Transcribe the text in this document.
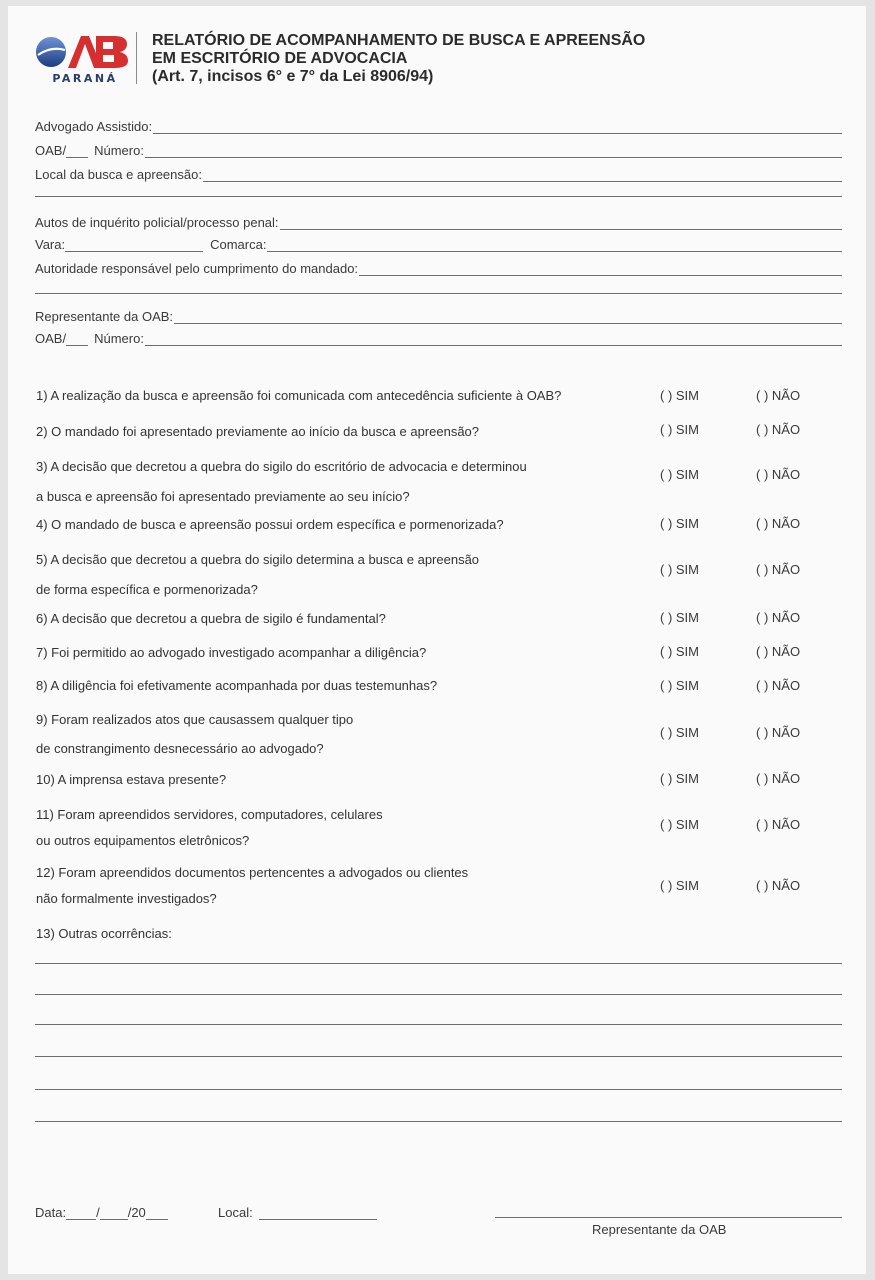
PARANÁ
RELATÓRIO DE ACOMPANHAMENTO DE BUSCA E APREENSÃO
EM ESCRITÓRIO DE ADVOCACIA
(Art. 7, incisos 6° e 7° da Lei 8906/94)
Advogado Assistido:
OAB/ Número:
Local da busca e apreensão:
Autos de inquérito policial/processo penal:
Vara:	Comarca:
Autoridade responsável pelo cumprimento do mandado:
Representante da OAB:
OAB/ Número:
1) A realização da busca e apreensão foi comunicada com antecedência suficiente à OAB?	( ) SIM	( ) NÃO
2) O mandado foi apresentado previamente ao início da busca e apreensão?	( ) SIM	( ) NÃO
3) A decisão que decretou a quebra do sigilo do escritório de advocacia e determinou
a busca e apreensão foi apresentado previamente ao seu início?
( ) SIM	( ) NÃO
4) O mandado de busca e apreensão possui ordem específica e pormenorizada?	( ) SIM	( ) NÃO
5) A decisão que decretou a quebra do sigilo determina a busca e apreensão
de forma específica e pormenorizada?
( ) SIM	( ) NÃO
6) A decisão que decretou a quebra de sigilo é fundamental?	( ) SIM	( ) NÃO
7) Foi permitido ao advogado investigado acompanhar a diligência?	( ) SIM	( ) NÃO
8) A diligência foi efetivamente acompanhada por duas testemunhas?	( ) SIM	( ) NÃO
9) Foram realizados atos que causassem qualquer tipo
de constrangimento desnecessário ao advogado?
( ) SIM	( ) NÃO
10) A imprensa estava presente?	( ) SIM	( ) NÃO
11) Foram apreendidos servidores, computadores, celulares
ou outros equipamentos eletrônicos?
( ) SIM	( ) NÃO
12) Foram apreendidos documentos pertencentes a advogados ou clientes
não formalmente investigados?
( ) SIM	( ) NÃO
13) Outras ocorrências:
Data: / /20	Local:
Representante da OAB
